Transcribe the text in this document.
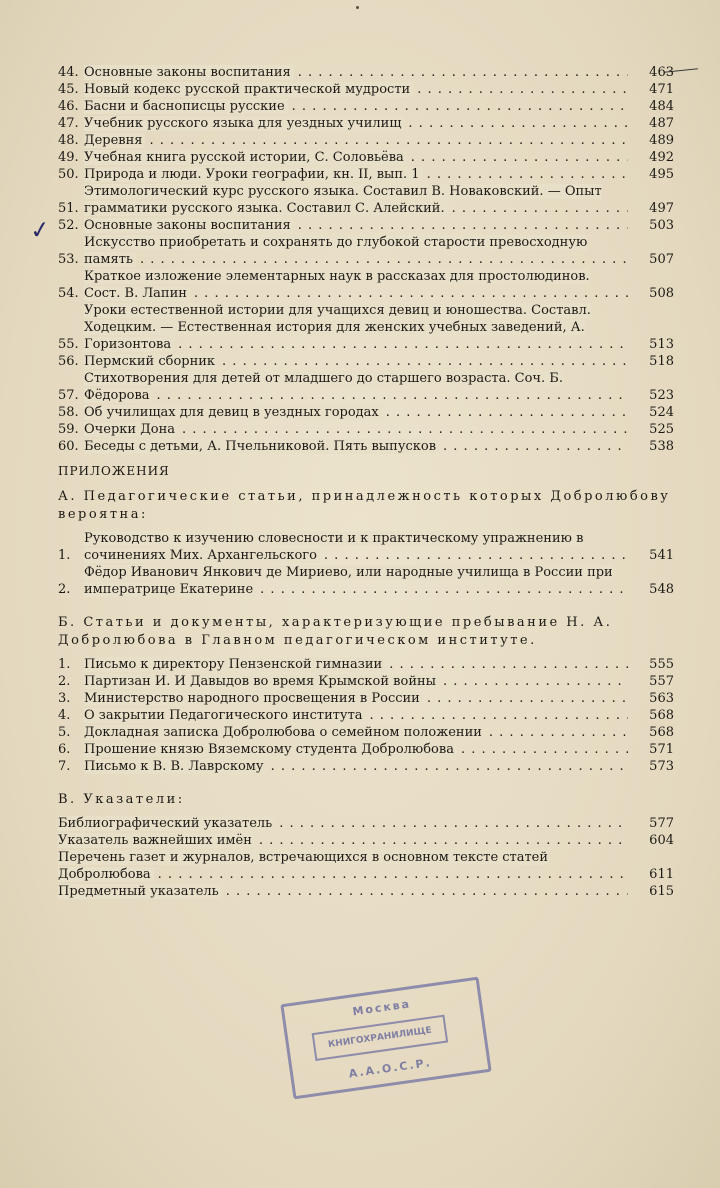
✓
44. Основные законы воспитания . . .	463
45. Новый кодекс русской практической мудрости . . .	471
46. Басни и баснописцы русские . . .	484
47. Учебник русского языка для уездных училищ . . .	487
48. Деревня . . .	489
49. Учебная книга русской истории, С. Соловьёва . . .	492
50. Природа и люди. Уроки географии, кн. II, вып. 1 . . .	495
51.
Этимологический курс русского языка. Составил В. Новаковский. — Опыт грамматики русского языка. Составил С. Алейский. . . .	497
52. Основные законы воспитания . . .	503
53.
Искусство приобретать и сохранять до глубокой старости превосходную память . . .	507
54.
Краткое изложение элементарных наук в рассказах для простолюдинов. Сост. В. Лапин . . .	508
55.
Уроки естественной истории для учащихся девиц и юношества. Составл. Ходецким. — Естественная история для женских учебных заведений, А. Горизонтова . . .	513
56. Пермский сборник . . .	518
57.
Стихотворения для детей от младшего до старшего возраста. Соч. Б. Фёдорова . . .	523
58. Об училищах для девиц в уездных городах . . .	524
59. Очерки Дона . . .	525
60. Беседы с детьми, А. Пчельниковой. Пять выпусков . . .	538
ПРИЛОЖЕНИЯ
А. Педагогические статьи, принадлежность которых Добролюбову вероятна:
1.
Руководство к изучению словесности и к практическому упражнению в сочинениях Мих. Архангельского . . .	541
2.
Фёдор Иванович Янкович де Мириево, или народные училища в России при императрице Екатерине . . .	548
Б. Статьи и документы, характеризующие пребывание Н. А. Добролюбова в Главном педагогическом институте.
1.	Письмо к директору Пензенской гимназии . . .	555
2.	Партизан И. И Давыдов во время Крымской войны . . .	557
3.	Министерство народного просвещения в России . . .	563
4.	О закрытии Педагогического института . . .	568
5.	Докладная записка Добролюбова о семейном положении . . .	568
6.	Прошение князю Вяземскому студента Добролюбова . . .	571
7.	Письмо к В. В. Лаврскому . . .	573
В. Указатели:
Библиографический указатель . . .	577
Указатель важнейших имён . . .	604
Перечень газет и журналов, встречающихся в основном тексте статей Добролюбова . . .	611
Предметный указатель . . .	615
Москва
КНИГОХРАНИЛИЩЕ
А.А.О.С.Р.
